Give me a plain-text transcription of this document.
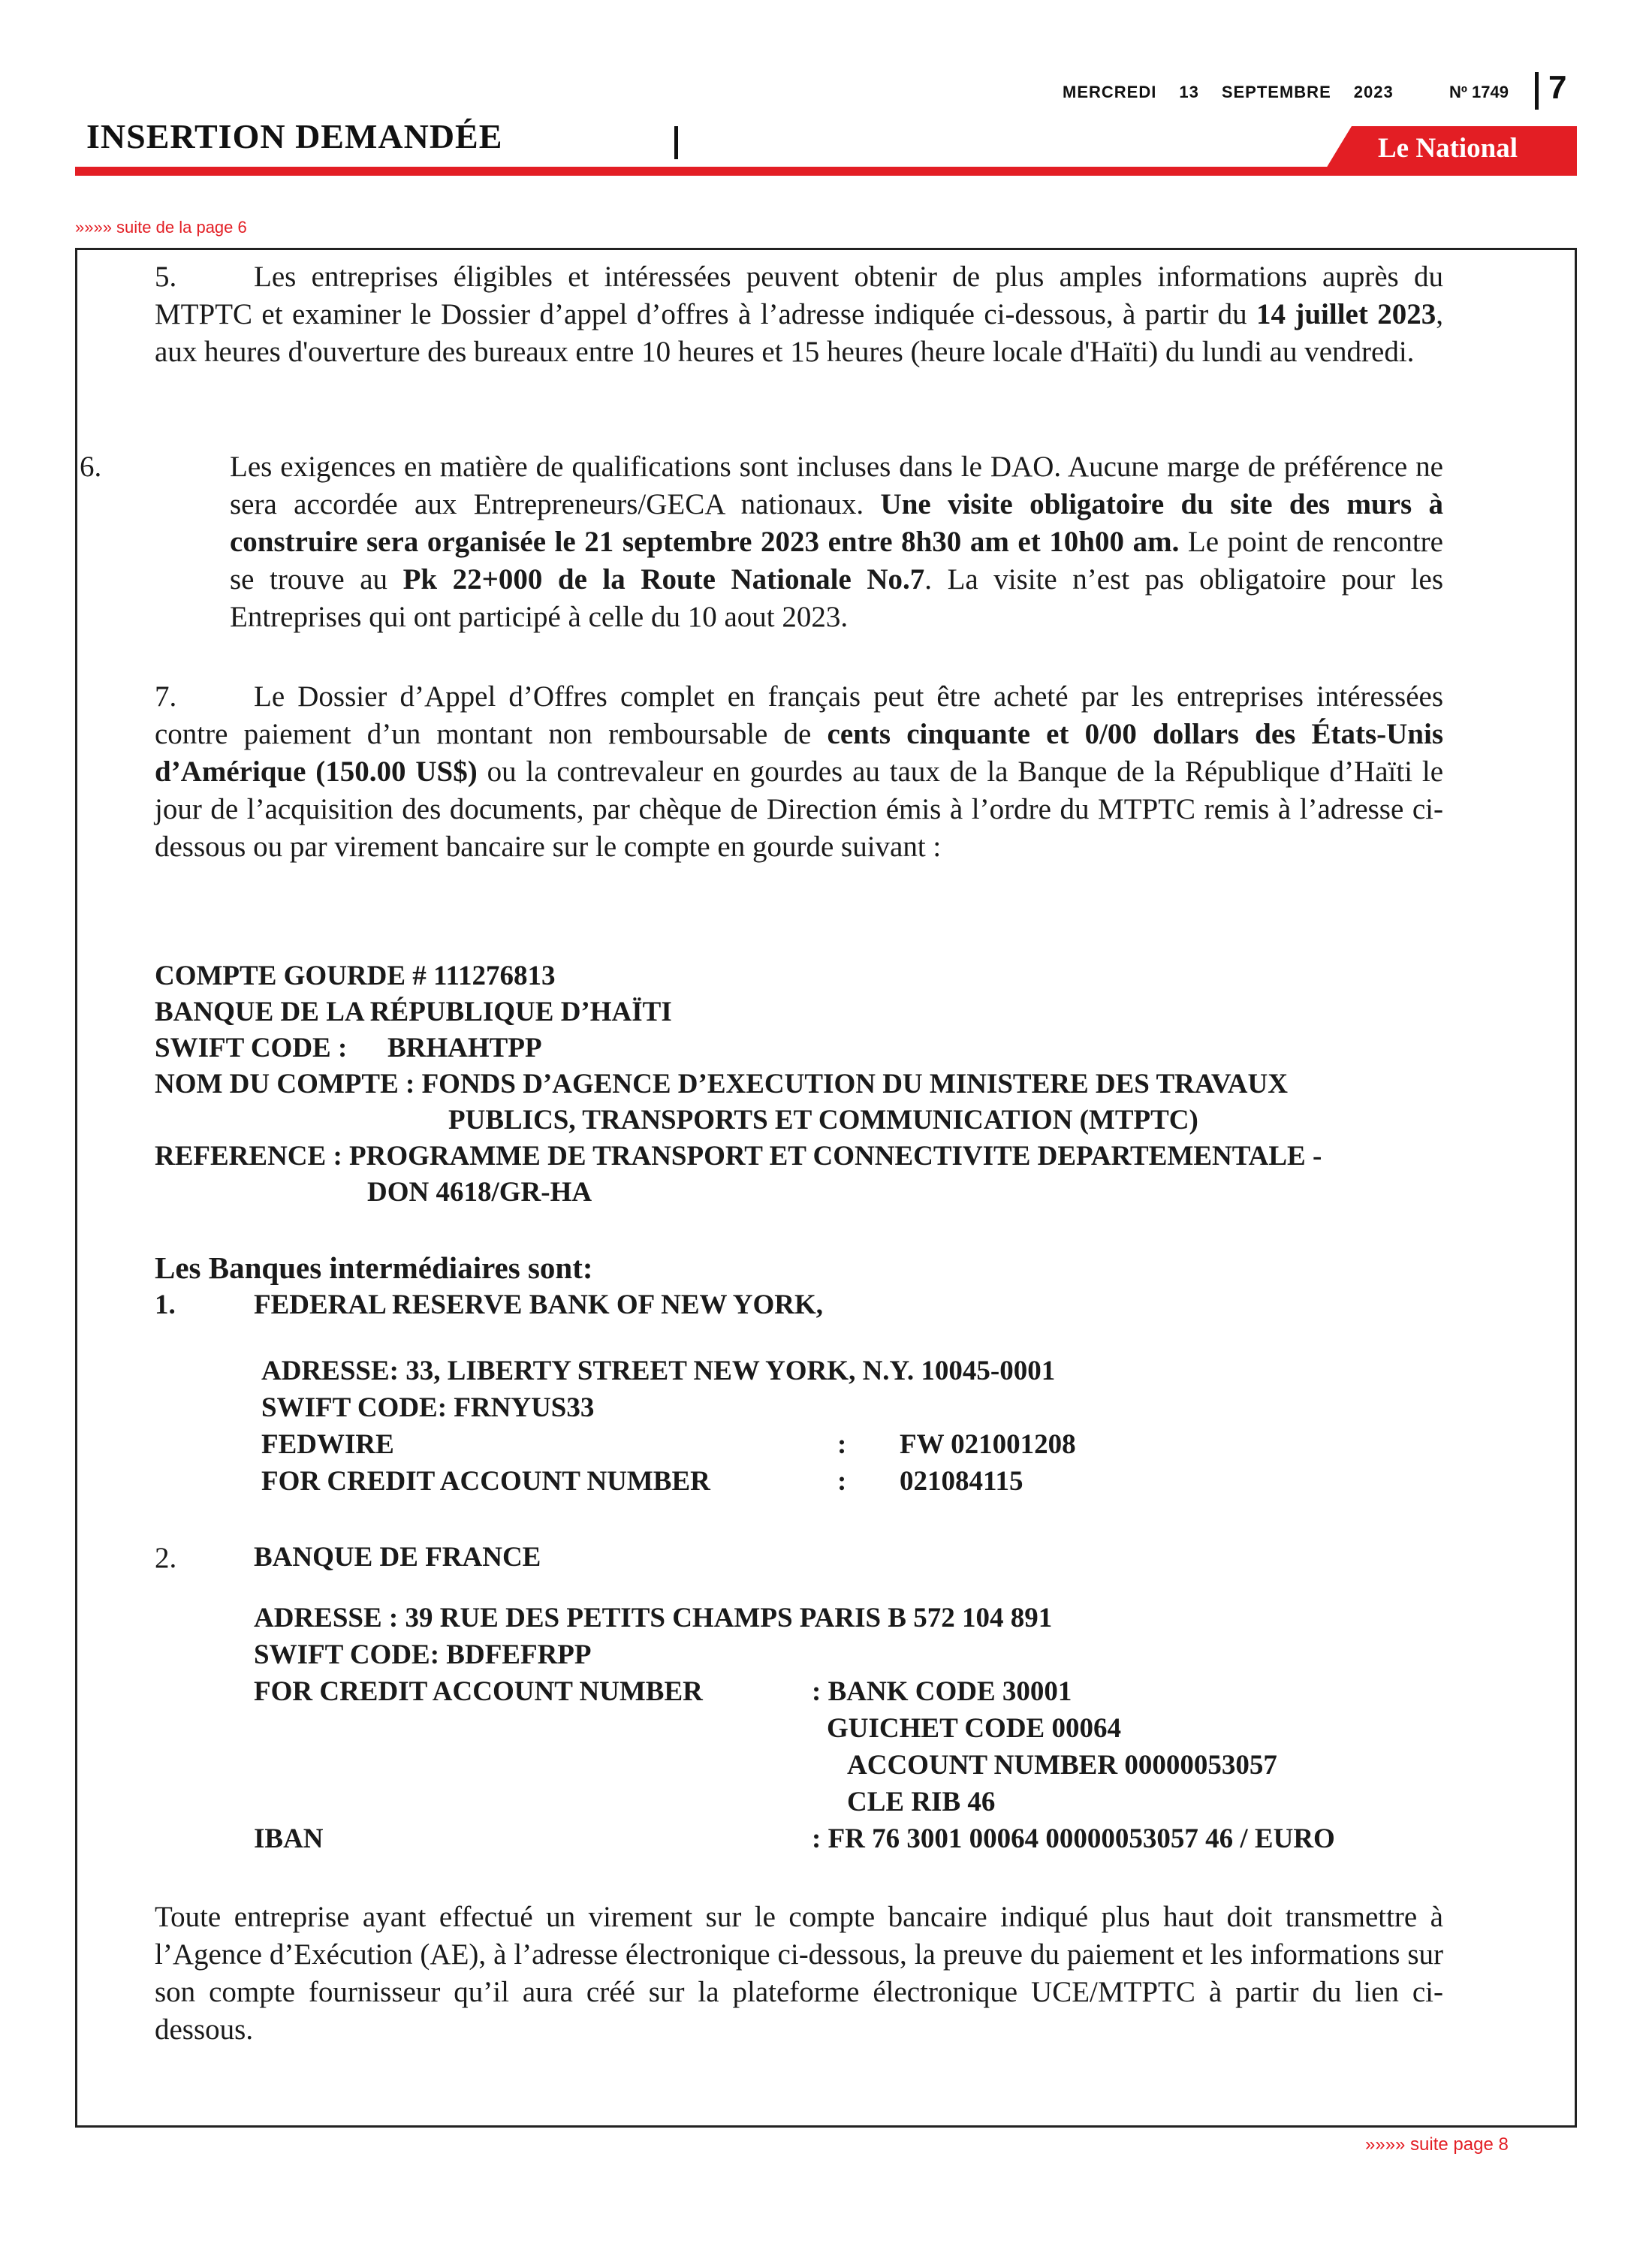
MERCREDI 13 SEPTEMBRE 2023	Nº 1749 7
INSERTION DEMANDÉE	Le National
»»»» suite de la page 6
5.	Les entreprises éligibles et intéressées peuvent obtenir de plus amples informations auprès du MTPTC et examiner le Dossier d’appel d’offres à l’adresse indiquée ci-dessous, à partir du 14 juillet 2023, aux heures d'ouverture des bureaux entre 10 heures et 15 heures (heure locale d'Haïti) du lundi au vendredi.
6.	Les exigences en matière de qualifications sont incluses dans le DAO. Aucune marge de préférence ne sera accordée aux Entrepreneurs/GECA nationaux. Une visite obligatoire du site des murs à construire sera organisée le 21 septembre 2023 entre 8h30 am et 10h00 am. Le point de rencontre se trouve au Pk 22+000 de la Route Nationale No.7. La visite n’est pas obligatoire pour les Entreprises qui ont participé à celle du 10 aout 2023.
7.	Le Dossier d’Appel d’Offres complet en français peut être acheté par les entreprises intéressées contre paiement d’un montant non remboursable de cents cinquante et 0/00 dollars des États-Unis d’Amérique (150.00 US$) ou la contrevaleur en gourdes au taux de la Banque de la République d’Haïti le jour de l’acquisition des documents, par chèque de Direction émis à l’ordre du MTPTC remis à l’adresse ci-dessous ou par virement bancaire sur le compte en gourde suivant :
COMPTE GOURDE # 111276813
BANQUE DE LA RÉPUBLIQUE D’HAÏTI
SWIFT CODE : BRHAHTPP
NOM DU COMPTE : FONDS D’AGENCE D’EXECUTION DU MINISTERE DES TRAVAUX
PUBLICS, TRANSPORTS ET COMMUNICATION (MTPTC)
REFERENCE : PROGRAMME DE TRANSPORT ET CONNECTIVITE DEPARTEMENTALE -
DON 4618/GR-HA
Les Banques intermédiaires sont:
1.	FEDERAL RESERVE BANK OF NEW YORK,
ADRESSE: 33, LIBERTY STREET NEW YORK, N.Y. 10045-0001
SWIFT CODE: FRNYUS33
FEDWIRE	: FW 021001208
FOR CREDIT ACCOUNT NUMBER	: 021084115
2.	BANQUE DE FRANCE
ADRESSE : 39 RUE DES PETITS CHAMPS PARIS B 572 104 891
SWIFT CODE: BDFEFRPP
FOR CREDIT ACCOUNT NUMBER	: BANK CODE 30001
GUICHET CODE 00064
ACCOUNT NUMBER 00000053057
CLE RIB 46
IBAN	: FR 76 3001 00064 00000053057 46 / EURO
Toute entreprise ayant effectué un virement sur le compte bancaire indiqué plus haut doit transmettre à l’Agence d’Exécution (AE), à l’adresse électronique ci-dessous, la preuve du paiement et les informations sur son compte fournisseur qu’il aura créé sur la plateforme électronique UCE/MTPTC à partir du lien ci-dessous.
»»»» suite page 8
